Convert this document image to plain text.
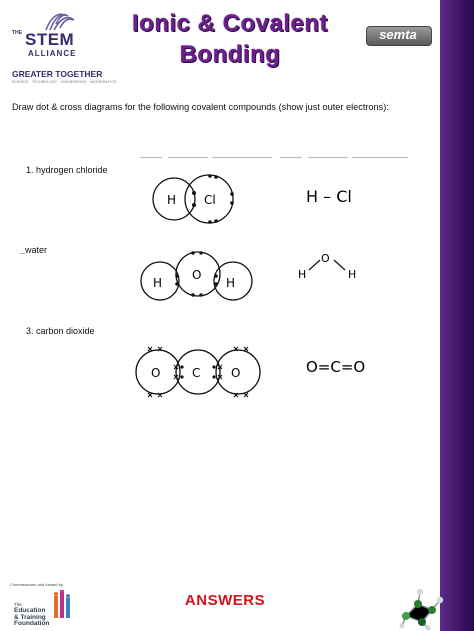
THE STEM
ALLIANCE
GREATER TOGETHER
SCIENCE · TECHNOLOGY · ENGINEERING · MATHEMATICS
Ionic & Covalent
Bonding
semta
Draw dot & cross diagrams for the following covalent compounds (show just outer electrons):
1. hydrogen chloride
_water
3. carbon dioxide
H Cl	H – Cl
H
O
H
O
H	H
O	C	O	O=C=O
Commissioned and funded by
The
Education
& Training
Foundation
ANSWERS
